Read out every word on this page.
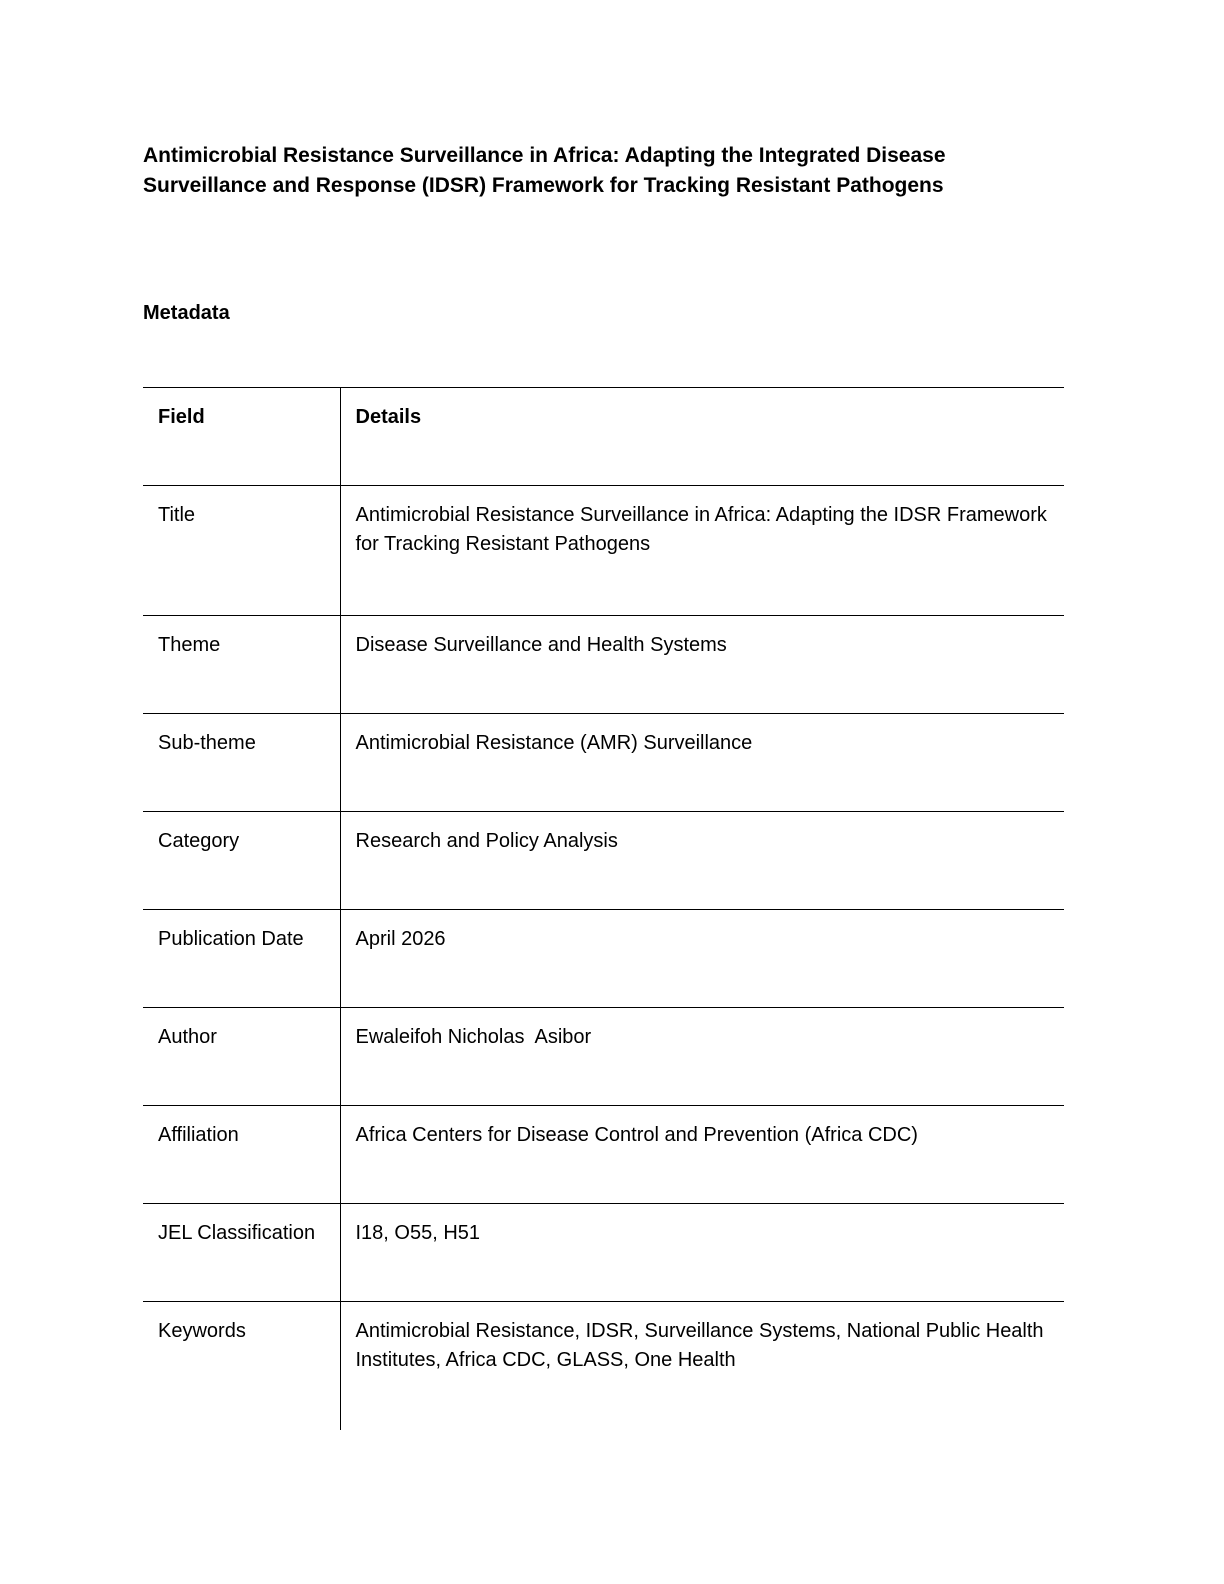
Antimicrobial Resistance Surveillance in Africa: Adapting the Integrated Disease Surveillance and Response (IDSR) Framework for Tracking Resistant Pathogens
Metadata
Field	Details
Title	Antimicrobial Resistance Surveillance in Africa: Adapting the IDSR Framework for Tracking Resistant Pathogens
Theme	Disease Surveillance and Health Systems
Sub-theme	Antimicrobial Resistance (AMR) Surveillance
Category	Research and Policy Analysis
Publication Date	April 2026
Author	Ewaleifoh Nicholas  Asibor
Affiliation	Africa Centers for Disease Control and Prevention (Africa CDC)
JEL Classification	I18, O55, H51
Keywords	Antimicrobial Resistance, IDSR, Surveillance Systems, National Public Health Institutes, Africa CDC, GLASS, One Health
